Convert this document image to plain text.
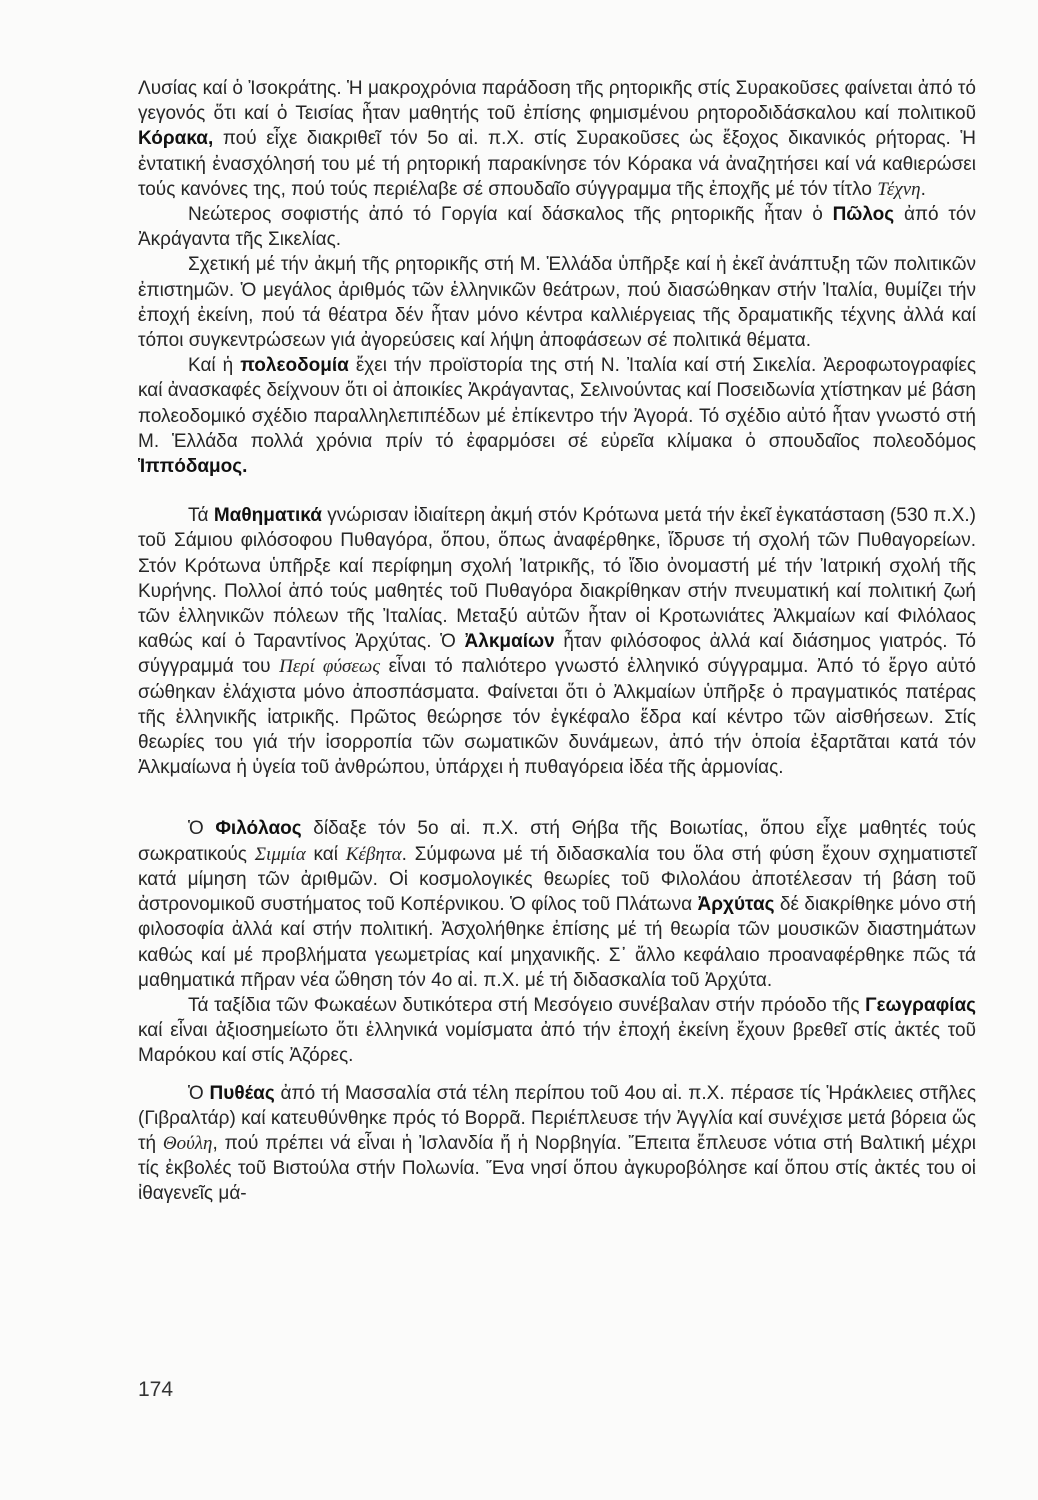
Λυσίας καί ὁ Ἰσοκράτης. Ἡ μακροχρόνια παράδοση τῆς ρητορικῆς στίς Συρακοῦσες φαίνεται ἀπό τό γεγονός ὅτι καί ὁ Τεισίας ἦταν μαθητής τοῦ ἐπίσης φημισμένου ρητοροδιδάσκαλου καί πολιτικοῦ Κόρακα, πού εἶχε διακριθεῖ τόν 5ο αἰ. π.Χ. στίς Συρακοῦσες ὡς ἔξοχος δικανικός ρήτορας. Ἡ ἐντατική ἐνασχόλησή του μέ τή ρητορική παρακίνησε τόν Κόρακα νά ἀναζητήσει καί νά καθιερώσει τούς κανόνες της, πού τούς περιέλαβε σέ σπουδαῖο σύγγραμμα τῆς ἐποχῆς μέ τόν τίτλο Τέχνη.

Νεώτερος σοφιστής ἀπό τό Γοργία καί δάσκαλος τῆς ρητορικῆς ἦταν ὁ Πῶλος ἀπό τόν Ἀκράγαντα τῆς Σικελίας.

Σχετική μέ τήν ἀκμή τῆς ρητορικῆς στή Μ. Ἑλλάδα ὑπῆρξε καί ἡ ἐκεῖ ἀνάπτυξη τῶν πολιτικῶν ἐπιστημῶν. Ὁ μεγάλος ἀριθμός τῶν ἑλληνικῶν θεάτρων, πού διασώθηκαν στήν Ἰταλία, θυμίζει τήν ἐποχή ἐκείνη, πού τά θέατρα δέν ἦταν μόνο κέντρα καλλιέργειας τῆς δραματικῆς τέχνης ἀλλά καί τόποι συγκεντρώσεων γιά ἀγορεύσεις καί λήψη ἀποφάσεων σέ πολιτικά θέματα.

Καί ἡ πολεοδομία ἔχει τήν προϊστορία της στή Ν. Ἰταλία καί στή Σικελία. Ἀεροφωτογραφίες καί ἀνασκαφές δείχνουν ὅτι οἱ ἀποικίες Ἀκράγαντας, Σελινούντας καί Ποσειδωνία χτίστηκαν μέ βάση πολεοδομικό σχέδιο παραλληλεπιπέδων μέ ἐπίκεντρο τήν Ἀγορά. Τό σχέδιο αὐτό ἦταν γνωστό στή Μ. Ἑλλάδα πολλά χρόνια πρίν τό ἐφαρμόσει σέ εὐρεῖα κλίμακα ὁ σπουδαῖος πολεοδόμος Ἱππόδαμος.

Τά Μαθηματικά γνώρισαν ἰδιαίτερη ἀκμή στόν Κρότωνα μετά τήν ἐκεῖ ἐγκατάσταση (530 π.Χ.) τοῦ Σάμιου φιλόσοφου Πυθαγόρα, ὅπου, ὅπως ἀναφέρθηκε, ἵδρυσε τή σχολή τῶν Πυθαγορείων. Στόν Κρότωνα ὑπῆρξε καί περίφημη σχολή Ἰατρικῆς, τό ἴδιο ὀνομαστή μέ τήν Ἰατρική σχολή τῆς Κυρήνης. Πολλοί ἀπό τούς μαθητές τοῦ Πυθαγόρα διακρίθηκαν στήν πνευματική καί πολιτική ζωή τῶν ἑλληνικῶν πόλεων τῆς Ἰταλίας. Μεταξύ αὐτῶν ἦταν οἱ Κροτωνιάτες Ἀλκμαίων καί Φιλόλαος καθώς καί ὁ Ταραντίνος Ἀρχύτας. Ὁ Ἀλκμαίων ἦταν φιλόσοφος ἀλλά καί διάσημος γιατρός. Τό σύγγραμμά του Περί φύσεως εἶναι τό παλιότερο γνωστό ἑλληνικό σύγγραμμα. Ἀπό τό ἔργο αὐτό σώθηκαν ἐλάχιστα μόνο ἀποσπάσματα. Φαίνεται ὅτι ὁ Ἀλκμαίων ὑπῆρξε ὁ πραγματικός πατέρας τῆς ἑλληνικῆς ἰατρικῆς. Πρῶτος θεώρησε τόν ἐγκέφαλο ἕδρα καί κέντρο τῶν αἰσθήσεων. Στίς θεωρίες του γιά τήν ἰσορροπία τῶν σωματικῶν δυνάμεων, ἀπό τήν ὁποία ἐξαρτᾶται κατά τόν Ἀλκμαίωνα ἡ ὑγεία τοῦ ἀνθρώπου, ὑπάρχει ἡ πυθαγόρεια ἰδέα τῆς ἁρμονίας.

Ὁ Φιλόλαος δίδαξε τόν 5ο αἰ. π.Χ. στή Θήβα τῆς Βοιωτίας, ὅπου εἶχε μαθητές τούς σωκρατικούς Σιμμία καί Κέβητα. Σύμφωνα μέ τή διδασκαλία του ὅλα στή φύση ἔχουν σχηματιστεῖ κατά μίμηση τῶν ἀριθμῶν. Οἱ κοσμολογικές θεωρίες τοῦ Φιλολάου ἀποτέλεσαν τή βάση τοῦ ἀστρονομικοῦ συστήματος τοῦ Κοπέρνικου. Ὁ φίλος τοῦ Πλάτωνα Ἀρχύτας δέ διακρίθηκε μόνο στή φιλοσοφία ἀλλά καί στήν πολιτική. Ἀσχολήθηκε ἐπίσης μέ τή θεωρία τῶν μουσικῶν διαστημάτων καθώς καί μέ προβλήματα γεωμετρίας καί μηχανικῆς. Σ᾽ ἄλλο κεφάλαιο προαναφέρθηκε πῶς τά μαθηματικά πῆραν νέα ὤθηση τόν 4ο αἰ. π.Χ. μέ τή διδασκαλία τοῦ Ἀρχύτα.

Τά ταξίδια τῶν Φωκαέων δυτικότερα στή Μεσόγειο συνέβαλαν στήν πρόοδο τῆς Γεωγραφίας καί εἶναι ἀξιοσημείωτο ὅτι ἑλληνικά νομίσματα ἀπό τήν ἐποχή ἐκείνη ἔχουν βρεθεῖ στίς ἀκτές τοῦ Μαρόκου καί στίς Ἀζόρες.

Ὁ Πυθέας ἀπό τή Μασσαλία στά τέλη περίπου τοῦ 4ου αἰ. π.Χ. πέρασε τίς Ἡράκλειες στῆλες (Γιβραλτάρ) καί κατευθύνθηκε πρός τό Βορρᾶ. Περιέπλευσε τήν Ἀγγλία καί συνέχισε μετά βόρεια ὥς τή Θούλη, πού πρέπει νά εἶναι ἡ Ἰσλανδία ἤ ἡ Νορβηγία. Ἔπειτα ἔπλευσε νότια στή Βαλτική μέχρι τίς ἐκβολές τοῦ Βιστούλα στήν Πολωνία. Ἕνα νησί ὅπου ἀγκυροβόλησε καί ὅπου στίς ἀκτές του οἱ ἰθαγενεῖς μά-

174
